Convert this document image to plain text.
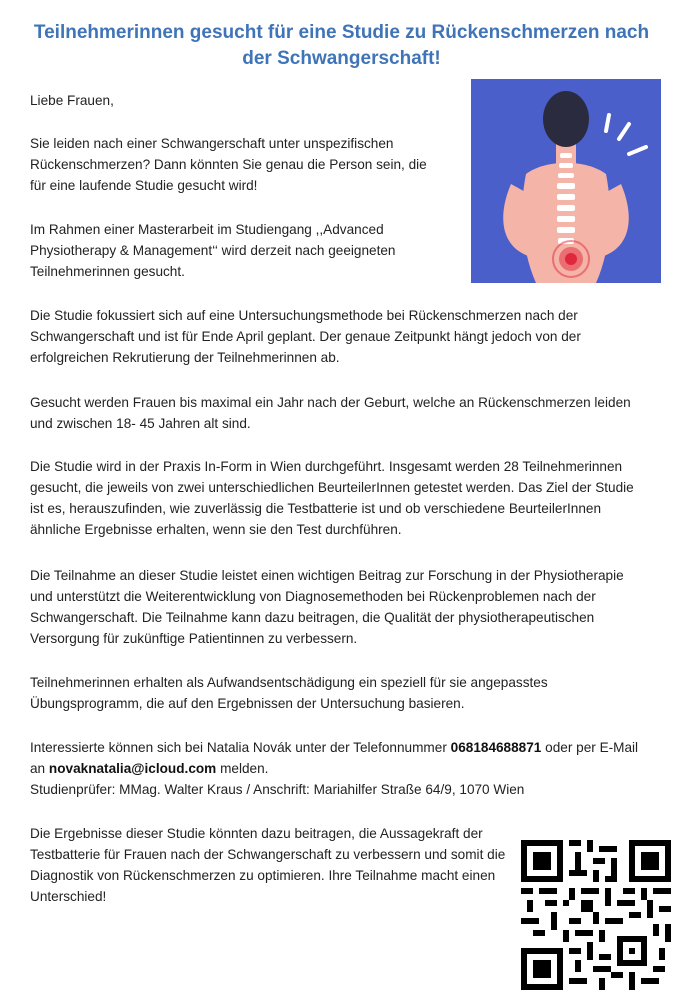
Teilnehmerinnen gesucht für eine Studie zu Rückenschmerzen nach der Schwangerschaft!

Liebe Frauen,

Sie leiden nach einer Schwangerschaft unter unspezifischen Rückenschmerzen? Dann könnten Sie genau die Person sein, die für eine laufende Studie gesucht wird!

Im Rahmen einer Masterarbeit im Studiengang ,,Advanced Physiotherapy & Management‘‘ wird derzeit nach geeigneten Teilnehmerinnen gesucht.

Die Studie fokussiert sich auf eine Untersuchungsmethode bei Rückenschmerzen nach der Schwangerschaft und ist für Ende April geplant. Der genaue Zeitpunkt hängt jedoch von der erfolgreichen Rekrutierung der Teilnehmerinnen ab.

Gesucht werden Frauen bis maximal ein Jahr nach der Geburt, welche an Rückenschmerzen leiden und zwischen 18- 45 Jahren alt sind.

Die Studie wird in der Praxis In-Form in Wien durchgeführt. Insgesamt werden 28 Teilnehmerinnen gesucht, die jeweils von zwei unterschiedlichen BeurteilerInnen getestet werden. Das Ziel der Studie ist es, herauszufinden, wie zuverlässig die Testbatterie ist und ob verschiedene BeurteilerInnen ähnliche Ergebnisse erhalten, wenn sie den Test durchführen.

Die Teilnahme an dieser Studie leistet einen wichtigen Beitrag zur Forschung in der Physiotherapie und unterstützt die Weiterentwicklung von Diagnosemethoden bei Rückenproblemen nach der Schwangerschaft. Die Teilnahme kann dazu beitragen, die Qualität der physiotherapeutischen Versorgung für zukünftige Patientinnen zu verbessern.

Teilnehmerinnen erhalten als Aufwandsentschädigung ein speziell für sie angepasstes Übungsprogramm, die auf den Ergebnissen der Untersuchung basieren.

Interessierte können sich bei Natalia Novák unter der Telefonnummer 068184688871 oder per E-Mail an novaknatalia@icloud.com melden.
Studienprüfer: MMag. Walter Kraus / Anschrift: Mariahilfer Straße 64/9, 1070 Wien

Die Ergebnisse dieser Studie könnten dazu beitragen, die Aussagekraft der Testbatterie für Frauen nach der Schwangerschaft zu verbessern und somit die Diagnostik von Rückenschmerzen zu optimieren. Ihre Teilnahme macht einen Unterschied!
